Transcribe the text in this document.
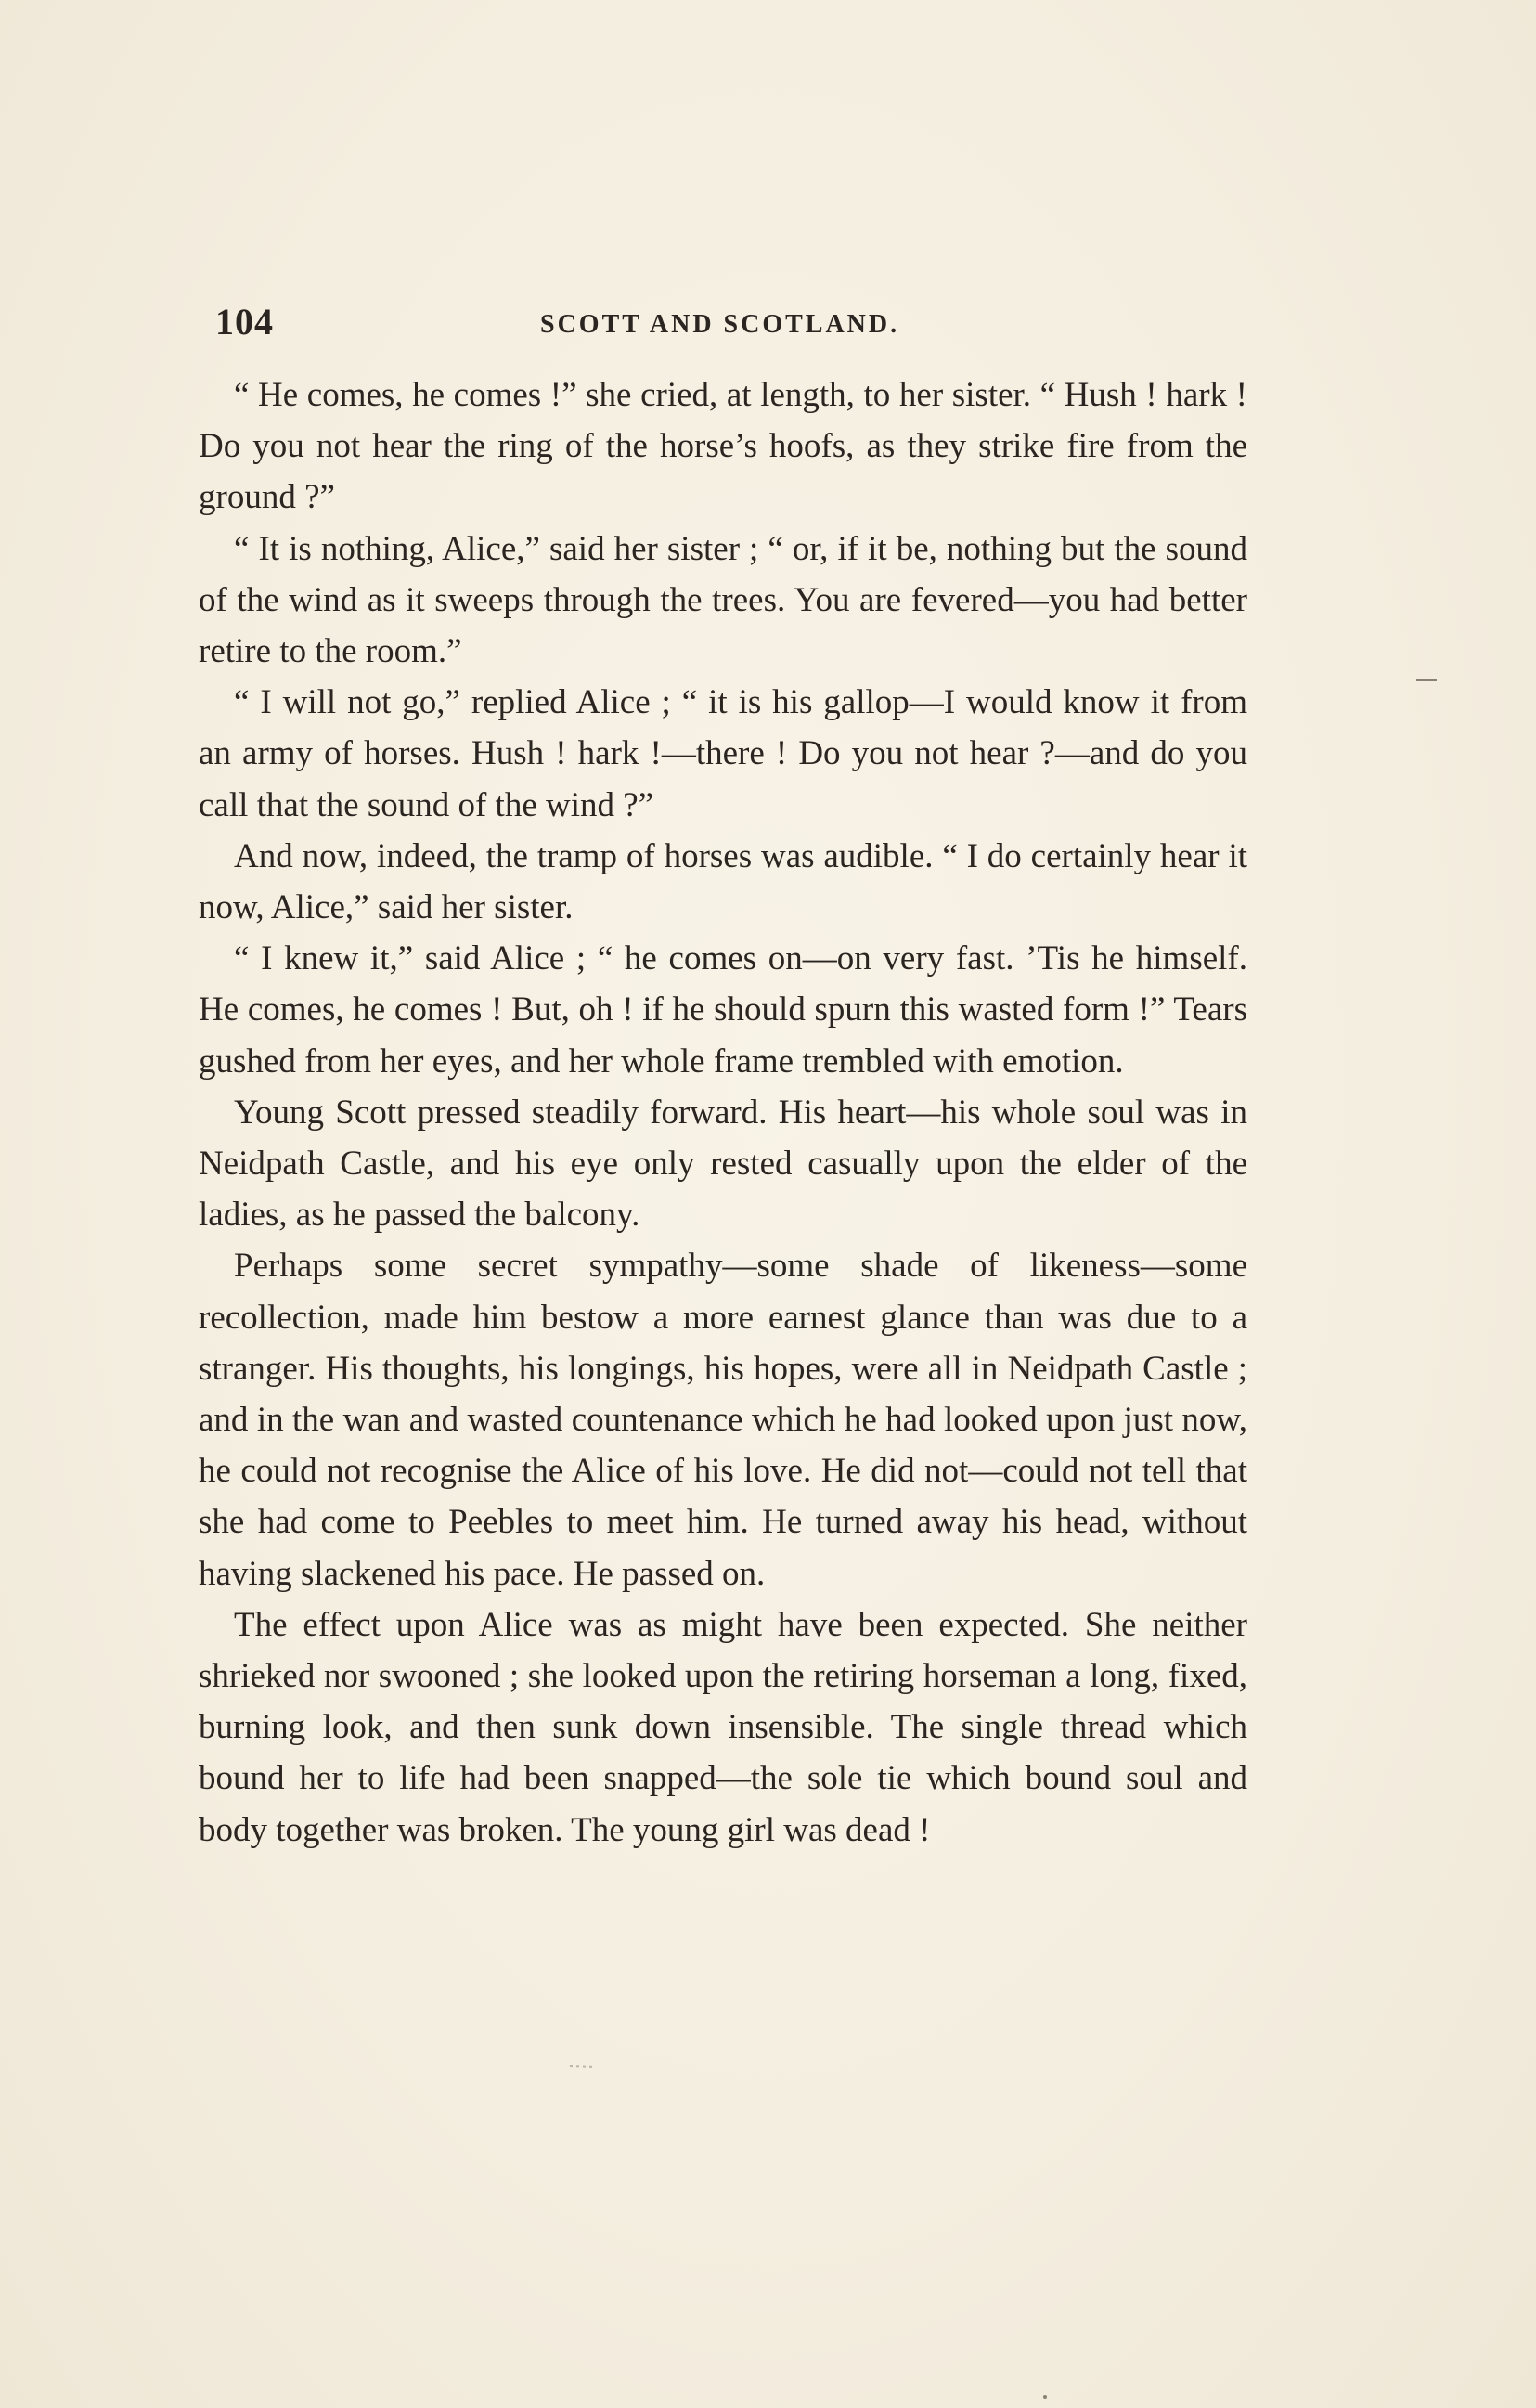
104	SCOTT AND SCOTLAND.

“ He comes, he comes !” she cried, at length, to her sister. “ Hush ! hark ! Do you not hear the ring of the horse’s hoofs, as they strike fire from the ground ?”

“ It is nothing, Alice,” said her sister ; “ or, if it be, nothing but the sound of the wind as it sweeps through the trees. You are fevered—you had better retire to the room.”

“ I will not go,” replied Alice ; “ it is his gallop—I would know it from an army of horses. Hush ! hark !—there ! Do you not hear ?—and do you call that the sound of the wind ?”

And now, indeed, the tramp of horses was audible. “ I do certainly hear it now, Alice,” said her sister.

“ I knew it,” said Alice ; “ he comes on—on very fast. ’Tis he himself. He comes, he comes ! But, oh ! if he should spurn this wasted form !” Tears gushed from her eyes, and her whole frame trembled with emotion.

Young Scott pressed steadily forward. His heart—his whole soul was in Neidpath Castle, and his eye only rested casually upon the elder of the ladies, as he passed the balcony.

Perhaps some secret sympathy—some shade of likeness—some recollection, made him bestow a more earnest glance than was due to a stranger. His thoughts, his longings, his hopes, were all in Neidpath Castle ; and in the wan and wasted countenance which he had looked upon just now, he could not recognise the Alice of his love. He did not—could not tell that she had come to Peebles to meet him. He turned away his head, without having slackened his pace. He passed on.

The effect upon Alice was as might have been expected. She neither shrieked nor swooned ; she looked upon the retiring horseman a long, fixed, burning look, and then sunk down insensible. The single thread which bound her to life had been snapped—the sole tie which bound soul and body together was broken. The young girl was dead !
